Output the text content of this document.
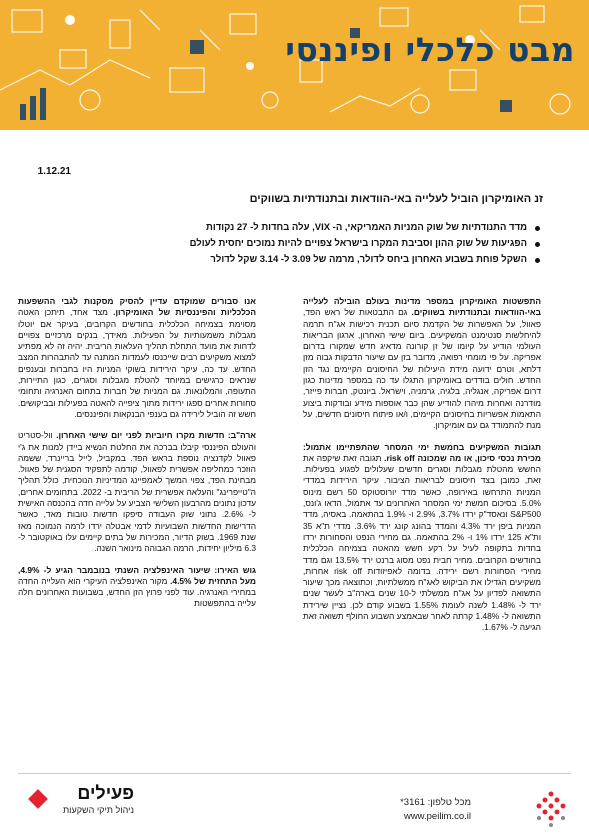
מבט כלכלי ופיננסי
1.12.21
זנ האומיקרון הוביל לעלייה באי-הוודאות ובתנודתיות בשווקים
מדד התנודתיות של שוק המניות האמריקאי, ה- VIX, עלה בחדות ל- 27 נקודות
הפגיעות של שוק ההון וסביבת המקרו בישראל צפויים להיות נמוכים יחסית לעולם
השקל פוחת בשבוע האחרון ביחס לדולר, מרמה של 3.09 ל- 3.14 שקל לדולר

התפשטות האומיקרון במספר מדינות בעולם הובילה לעלייה באי-הוודאות ובתנודתיות בשווקים. גם התבטאות של ראש הפד, פאוול, על האפשרות של הקדמת סיום תכנית רכישות אג"ח תרמה להיחלשות סנטימנט המשקיעים. ביום שישי האחרון, ארגון הבריאות העולמי הודיע על קיומו של זן קורונה מדאיג חדש שמקורו בדרום אפריקה. על פי מומחי רפואה, מדובר בזן עם שיעור הדבקות גבוה מזן דלתא, וטרם ידועה מידת היעילות של החיסונים הקיימים נגד הזן החדש. חולים בודדים באומיקרון התגלו עד כה במספר מדינות כגון דרום אפריקה, אנגליה, בלגיה, גרמניה, וישראל. ביונטק, חברות פייזר, מודרנה ואחרות מיהרו להודיע שהן כבר אוספות מידע ובודקות ביצוע התאמות אפשריות בחיסונים הקיימים, ו/או פיתוח חיסונים חדשים, על מנת להתמודד גם עם אומיקרון.

תגובות המשקיעים בחמשת ימי המסחר שהתפתיימו אתמול: מכירת נכסי סיכון, או מה שמכונה risk off. תגובה זאת שיקפה את החשש מהטלת מגבלות וסגרים חדשים שעלולים לפגוע בפעילות. זאת, כמובן בצד חיסונים לבריאות הציבור. עיקר הירידות במדדי המניות התרחשו באירופה, כאשר מדד יורוסטוקס 50 רשם מינוס 5.0%. בסיכום חמשת ימי המסחר האחרונים עד אתמול, הדאו ג'ונס, S&P500 ונאסד"ק ירדו 3.7%, 2.9% ו- 1.9% בהתאמה. באסיה, מדד המניות ביפן ירד 4.3% והמדד בהונג קונג ירד 3.6%. מדדי ת"א 35 ות"א 125 ירדו 1% ו- 2% בהתאמה. גם מחירי הנפט והסחורות ירדו בחדות בתקופה לעיל על רקע חשש מהאטה בצמיחה הכלכלית בחודשים הקרובים. מחיר חבית נפט מסוג ברנט ירד 13.5% וגם מדד מחירי הסחורות רשם ירידה. בדומה לאפיזודות risk off אחרות, משקיעים הגדילו את הביקוש לאג"ח ממשלתיות, וכתוצאה מכך שיעור התשואה לפדיון על אג"ח ממשלתי ל-10 שנים בארה"ב לעשר שנים ירד ל- 1.48% לשנה לעומת 1.55% בשבוע קודם לכן. נציין שירידת התשואה ל- 1.48% קרתה לאחר שבאמצע השבוע החולף תשואה זאת הגיעה ל- 1.67%.

אנו סבורים שמוקדם עדיין להסיק מסקנות לגבי ההשפעות הכלכליות והפיננסיות של האומיקרון. מצד אחד, תיתכן האטה מסוימת בצמיחה הכלכלית בחודשים הקרובים, בעיקר אם יוטלו מגבלות משמעותיות על הפעילות. מאידך, בנקים מרכזיים צפויים לדחות את מועד התחלת תהליך העלאות הריבית. יהיה זה לא מפתיע למצוא משקיעים רבים שייכנסו לעמדות המתנה עד להתבהרות המצב החדש. עד כה, עיקר הירידות בשוקי המניות היו בחברות ובענפים שנראים כרגישים במיוחד להטלת מגבלות וסגרים, כגון התיירות, התעופה, והמלונאות. גם המניות של חברות בתחום האנרגיה ותחומי סחורות אחרים ספגו ירידות מתוך ציפייה להאטה בפעילות ובביקושים. חשש זה הוביל לירידה גם בענפי הבנקאות והפיננסים.

ארה"ב: חדשות מקרו חיוביות לפני יום שישי האחרון. וול-סטריט והעולם הפיננסי קיבלו בברכה את החלטת הנשיא ביידן למנות את ג'י פאוול לקדנציה נוספת בראש הפד. במקביל, לייל בריינרד, ששמה הוזכר כמחליפה אפשרית לפאוול, קודמה לתפקיד הסגנית של פאוול. מבחינת הפד, צפוי המשך לאמפיינג המדיניות הנוכחית, כולל תהליך ה"טייפרינג" והעלאה אפשרית של הריבית ב- 2022. בתחומים אחרים, עדכון נתונים מהרבעון השלישי הצביע על עלייה חדה בהכנסה האישית ל- 2.6%. נתוני שוק העבודה סיפקו חדשות טובות מאד, כאשר הדרישות החדשות השבועיות לדמי אבטלה ירדו לרמה הנמוכה מאז שנת 1969. בשוק הדיור, המכירות של בתים קיימים עלו באוקטובר ל- 6.3 מיליון יחידות, הרמה הגבוהה מינואר השנה.

גוש האירו: שיעור האינפלציה השנתי בנובמבר הגיע ל- 4.9%, מעל התחזית של 4.5%. מקור האינפלציה העיקרי הוא העלייה החדה במחירי האנרגיה. עוד לפני פרוץ הזן החדש, בשבועות האחרונים חלה עלייה בהתפשטות

פעילים
ניהול תיקי השקעות
מכל טלפון: 3161*
www.peilim.co.il
